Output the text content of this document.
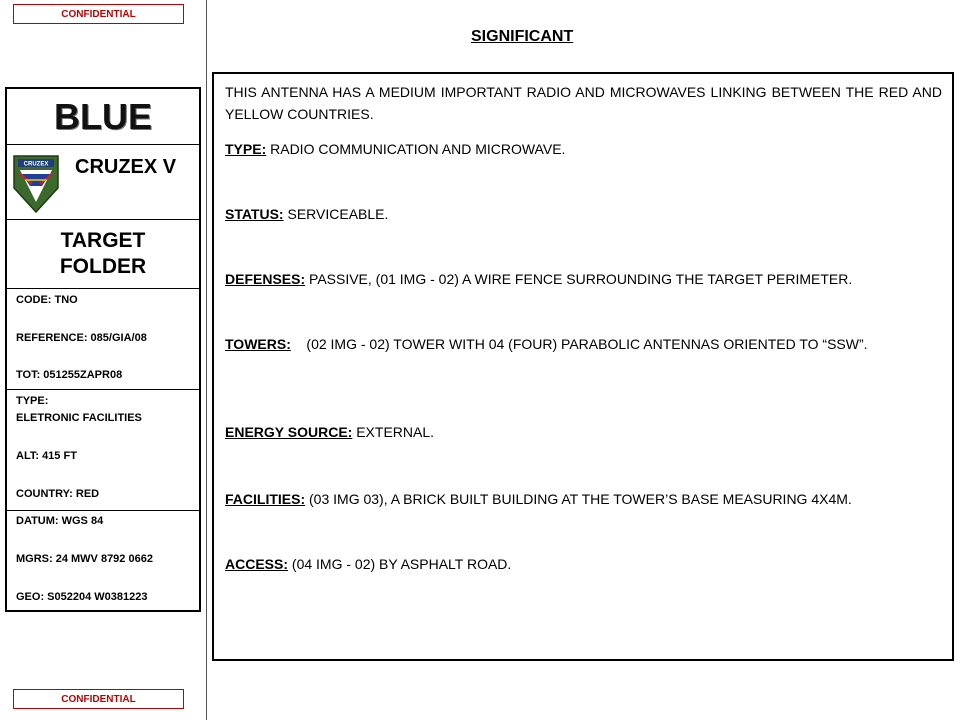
CONFIDENTIAL
BLUE
CRUZEX CRUZEX V
TARGET
FOLDER
CODE: TNO
REFERENCE: 085/GIA/08
TOT: 051255ZAPR08
TYPE:
ELETRONIC FACILITIES
ALT: 415 FT
COUNTRY: RED
DATUM: WGS 84
MGRS: 24 MWV 8792 0662
GEO: S052204 W0381223
CONFIDENTIAL
SIGNIFICANT
THIS ANTENNA HAS A MEDIUM IMPORTANT RADIO AND MICROWAVES LINKING BETWEEN THE RED AND YELLOW COUNTRIES.
TYPE: RADIO COMMUNICATION AND MICROWAVE.
STATUS: SERVICEABLE.
DEFENSES: PASSIVE, (01 IMG - 02) A WIRE FENCE SURROUNDING THE TARGET PERIMETER.
TOWERS:    (02 IMG - 02) TOWER WITH 04 (FOUR) PARABOLIC ANTENNAS ORIENTED TO “SSW”.
ENERGY SOURCE: EXTERNAL.
FACILITIES: (03 IMG 03), A BRICK BUILT BUILDING AT THE TOWER’S BASE MEASURING 4X4M.
ACCESS: (04 IMG - 02) BY ASPHALT ROAD.
